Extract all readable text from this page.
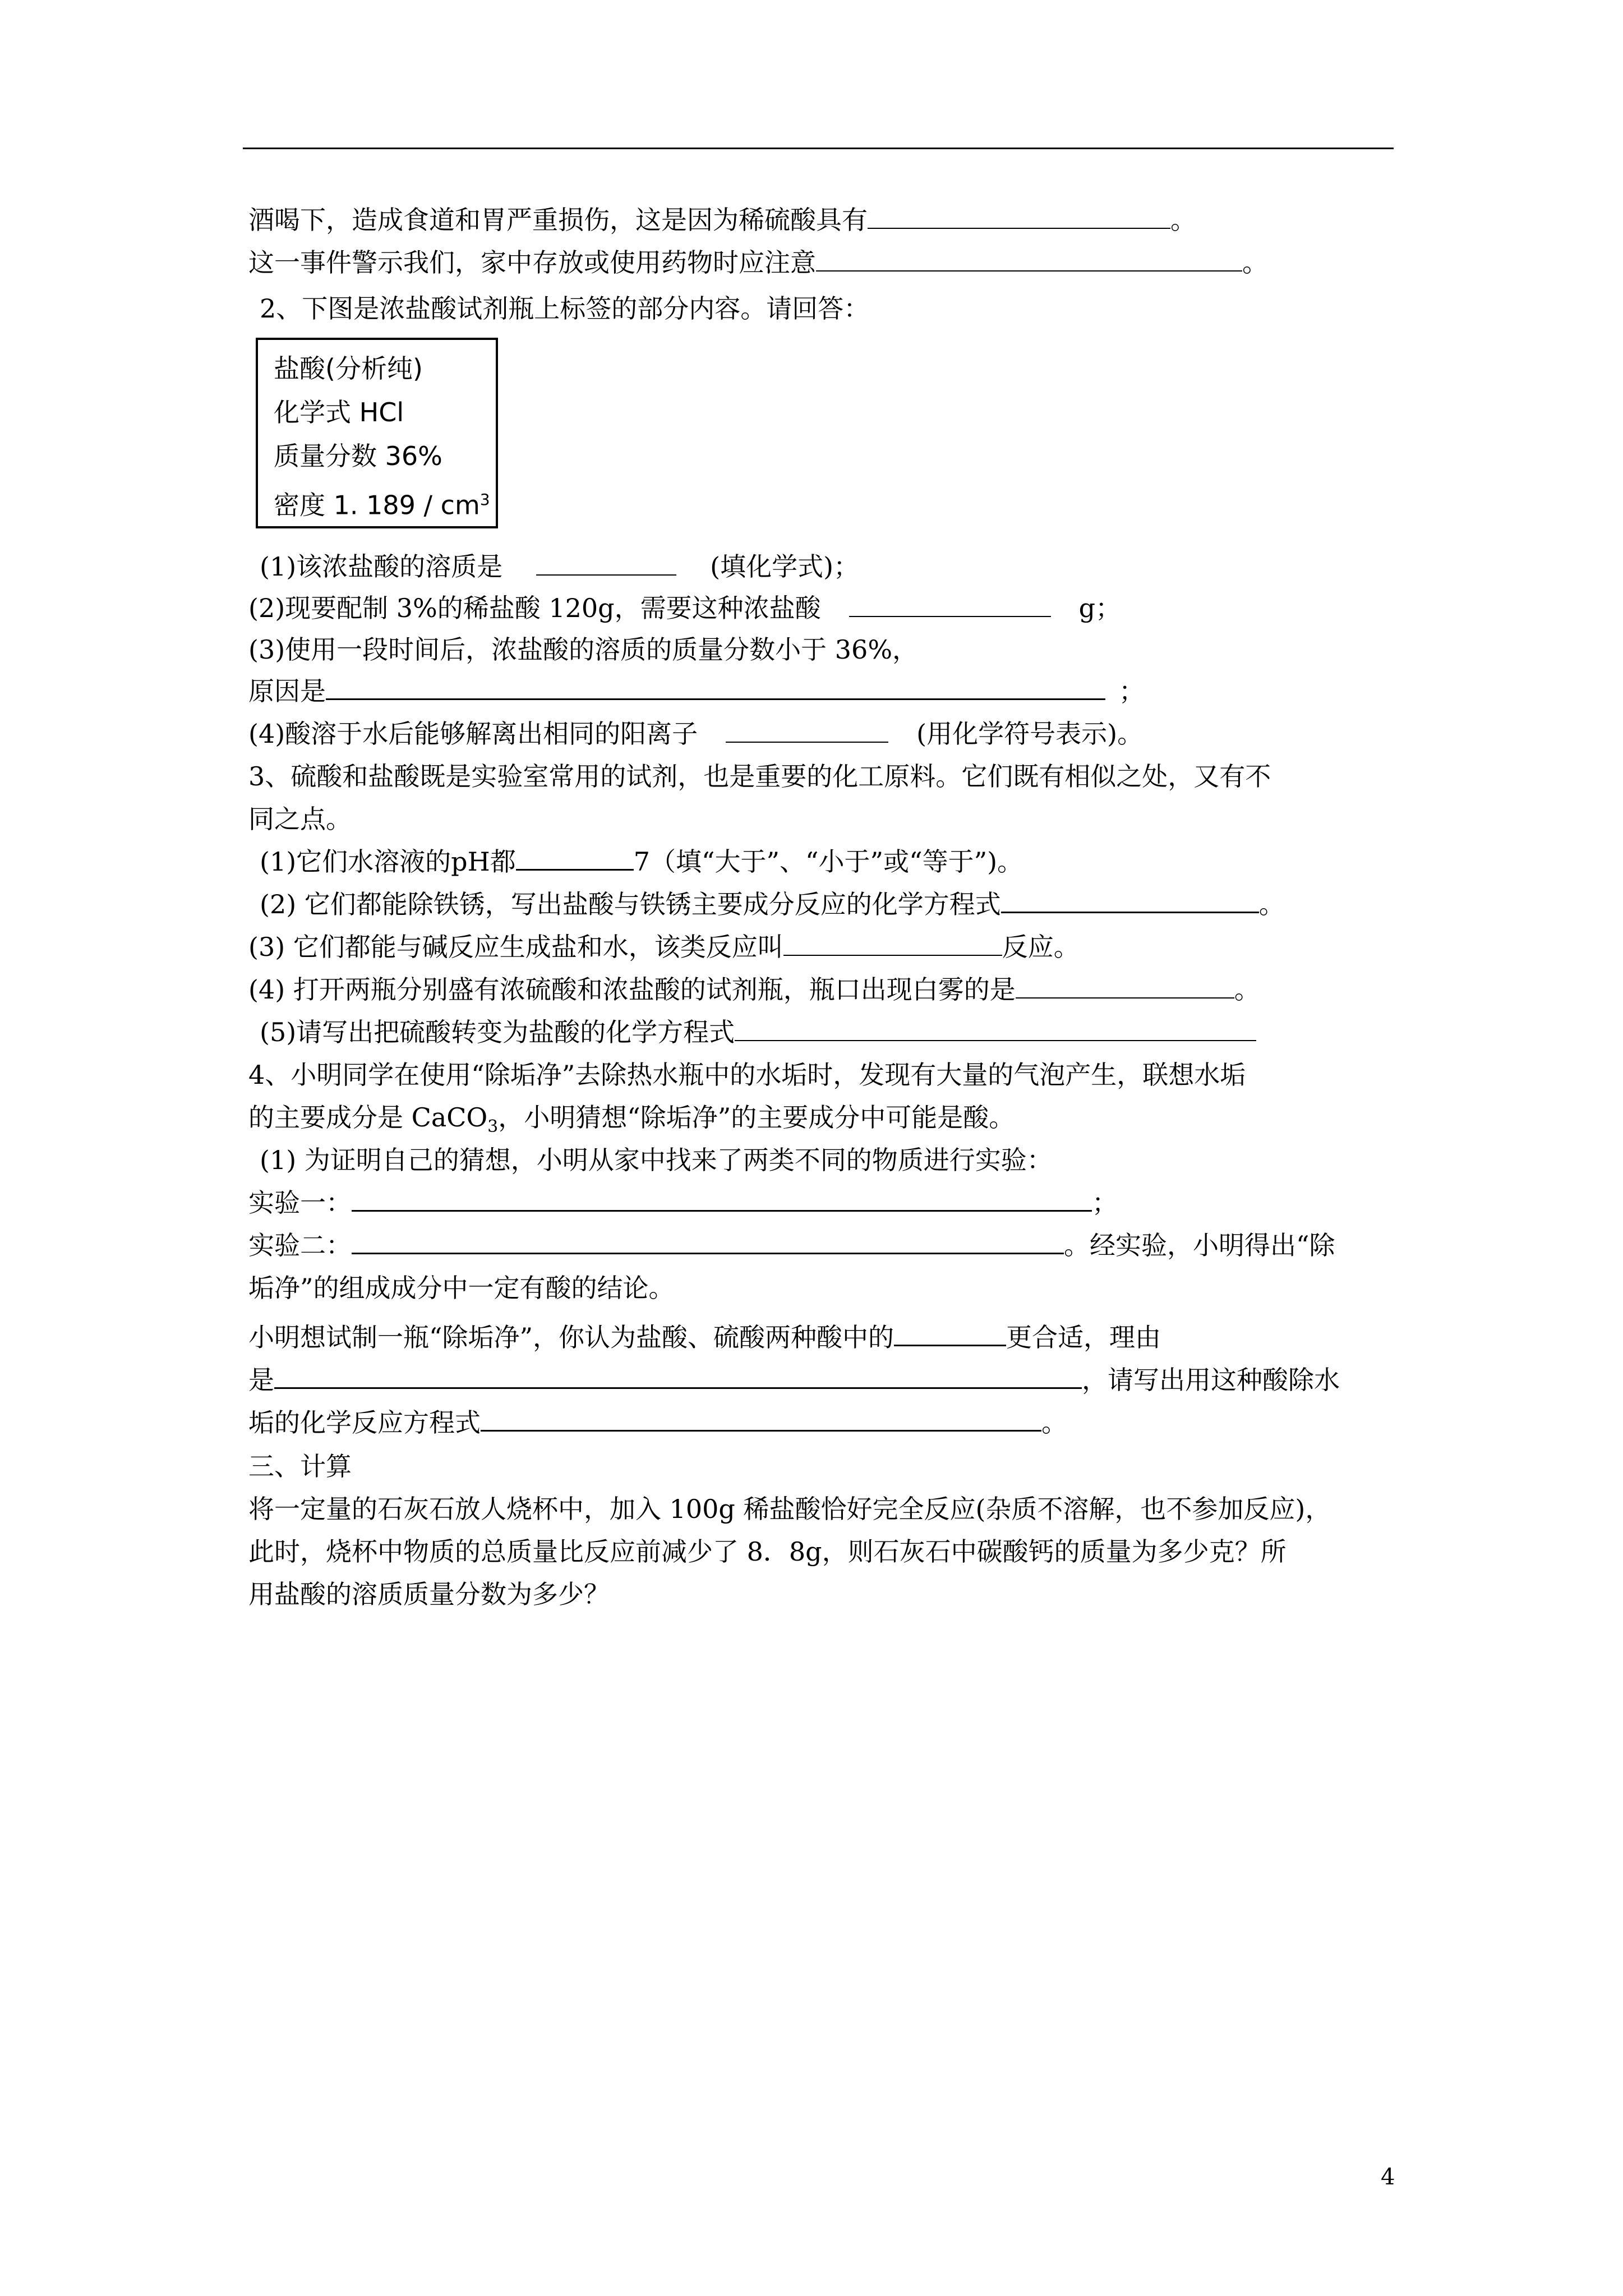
酒喝下，造成食道和胃严重损伤，这是因为稀硫酸具有	。
这一事件警示我们，家中存放或使用药物时应注意	。
2、下图是浓盐酸试剂瓶上标签的部分内容。请回答：
盐酸(分析纯)
化学式 HCl
质量分数 36%
密度 1. $189 / cm^3$
(1)该浓盐酸的溶质是	(填化学式)；
(2)现要配制 3%的稀盐酸 120g，需要这种浓盐酸	g；
(3)使用一段时间后，浓盐酸的溶质的质量分数小于 36%，
原因是	；
(4)酸溶于水后能够解离出相同的阳离子	(用化学符号表示)。
3、硫酸和盐酸既是实验室常用的试剂，也是重要的化工原料。它们既有相似之处，又有不
同之点。
(1)它们水溶液的pH都	7（填“大于”、“小于”或“等于”)。
(2) 它们都能除铁锈，写出盐酸与铁锈主要成分反应的化学方程式	。
(3) 它们都能与碱反应生成盐和水，该类反应叫	反应。
(4) 打开两瓶分别盛有浓硫酸和浓盐酸的试剂瓶，瓶口出现白雾的是	。
(5)请写出把硫酸转变为盐酸的化学方程式
4、小明同学在使用“除垢净”去除热水瓶中的水垢时，发现有大量的气泡产生，联想水垢
的主要成分是 CaCO$_3$，小明猜想“除垢净”的主要成分中可能是酸。
(1) 为证明自己的猜想，小明从家中找来了两类不同的物质进行实验：
实验一：	；
实验二：	。经实验，小明得出“除
垢净”的组成成分中一定有酸的结论。
小明想试制一瓶“除垢净”，你认为盐酸、硫酸两种酸中的	更合适，理由
是	，请写出用这种酸除水
垢的化学反应方程式	。
三、计算
将一定量的石灰石放人烧杯中，加入 100g 稀盐酸恰好完全反应(杂质不溶解，也不参加反应)，
此时，烧杯中物质的总质量比反应前减少了 8．8g，则石灰石中碳酸钙的质量为多少克？所
用盐酸的溶质质量分数为多少？
4
